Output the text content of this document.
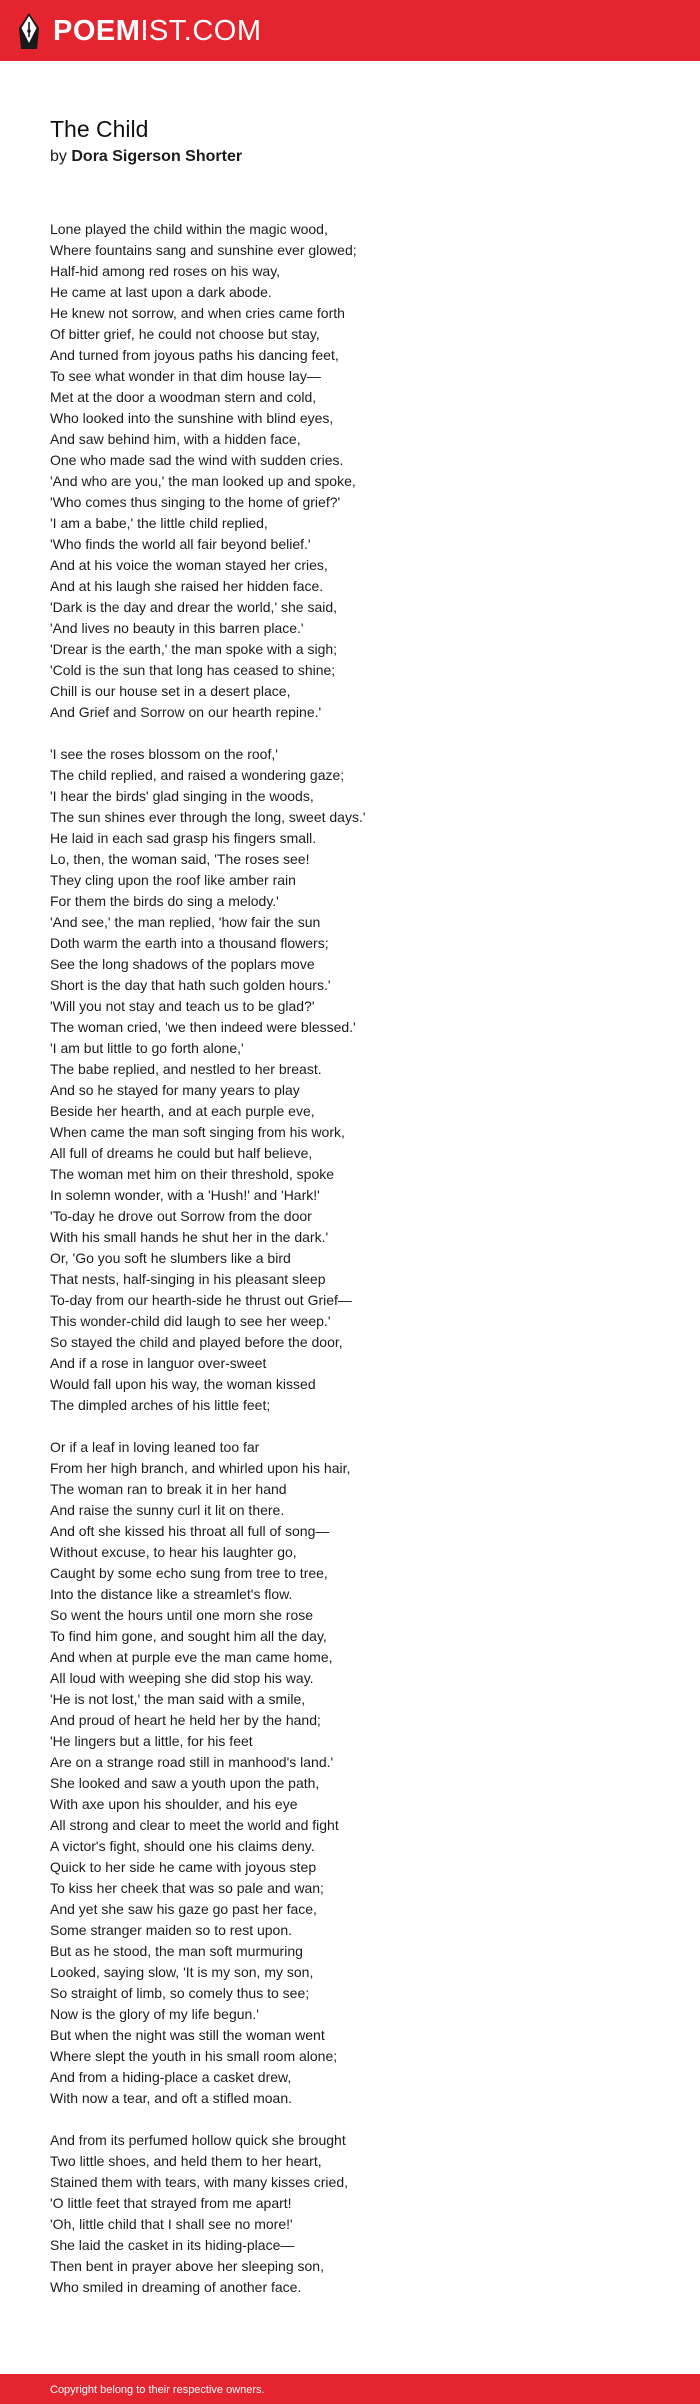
POEMIST.COM
The Child
by Dora Sigerson Shorter
Lone played the child within the magic wood,
Where fountains sang and sunshine ever glowed;
Half-hid among red roses on his way,
He came at last upon a dark abode.
He knew not sorrow, and when cries came forth
Of bitter grief, he could not choose but stay,
And turned from joyous paths his dancing feet,
To see what wonder in that dim house lay—
Met at the door a woodman stern and cold,
Who looked into the sunshine with blind eyes,
And saw behind him, with a hidden face,
One who made sad the wind with sudden cries.
'And who are you,' the man looked up and spoke,
'Who comes thus singing to the home of grief?'
'I am a babe,' the little child replied,
'Who finds the world all fair beyond belief.'
And at his voice the woman stayed her cries,
And at his laugh she raised her hidden face.
'Dark is the day and drear the world,' she said,
'And lives no beauty in this barren place.'
'Drear is the earth,' the man spoke with a sigh;
'Cold is the sun that long has ceased to shine;
Chill is our house set in a desert place,
And Grief and Sorrow on our hearth repine.'
'I see the roses blossom on the roof,'
The child replied, and raised a wondering gaze;
'I hear the birds' glad singing in the woods,
The sun shines ever through the long, sweet days.'
He laid in each sad grasp his fingers small.
Lo, then, the woman said, 'The roses see!
They cling upon the roof like amber rain
For them the birds do sing a melody.'
'And see,' the man replied, 'how fair the sun
Doth warm the earth into a thousand flowers;
See the long shadows of the poplars move
Short is the day that hath such golden hours.'
'Will you not stay and teach us to be glad?'
The woman cried, 'we then indeed were blessed.'
'I am but little to go forth alone,'
The babe replied, and nestled to her breast.
And so he stayed for many years to play
Beside her hearth, and at each purple eve,
When came the man soft singing from his work,
All full of dreams he could but half believe,
The woman met him on their threshold, spoke
In solemn wonder, with a 'Hush!' and 'Hark!'
'To-day he drove out Sorrow from the door
With his small hands he shut her in the dark.'
Or, 'Go you soft he slumbers like a bird
That nests, half-singing in his pleasant sleep
To-day from our hearth-side he thrust out Grief—
This wonder-child did laugh to see her weep.'
So stayed the child and played before the door,
And if a rose in languor over-sweet
Would fall upon his way, the woman kissed
The dimpled arches of his little feet;
Or if a leaf in loving leaned too far
From her high branch, and whirled upon his hair,
The woman ran to break it in her hand
And raise the sunny curl it lit on there.
And oft she kissed his throat all full of song—
Without excuse, to hear his laughter go,
Caught by some echo sung from tree to tree,
Into the distance like a streamlet's flow.
So went the hours until one morn she rose
To find him gone, and sought him all the day,
And when at purple eve the man came home,
All loud with weeping she did stop his way.
'He is not lost,' the man said with a smile,
And proud of heart he held her by the hand;
'He lingers but a little, for his feet
Are on a strange road still in manhood's land.'
She looked and saw a youth upon the path,
With axe upon his shoulder, and his eye
All strong and clear to meet the world and fight
A victor's fight, should one his claims deny.
Quick to her side he came with joyous step
To kiss her cheek that was so pale and wan;
And yet she saw his gaze go past her face,
Some stranger maiden so to rest upon.
But as he stood, the man soft murmuring
Looked, saying slow, 'It is my son, my son,
So straight of limb, so comely thus to see;
Now is the glory of my life begun.'
But when the night was still the woman went
Where slept the youth in his small room alone;
And from a hiding-place a casket drew,
With now a tear, and oft a stifled moan.
And from its perfumed hollow quick she brought
Two little shoes, and held them to her heart,
Stained them with tears, with many kisses cried,
'O little feet that strayed from me apart!
'Oh, little child that I shall see no more!'
She laid the casket in its hiding-place—
Then bent in prayer above her sleeping son,
Who smiled in dreaming of another face.
Copyright belong to their respective owners.
